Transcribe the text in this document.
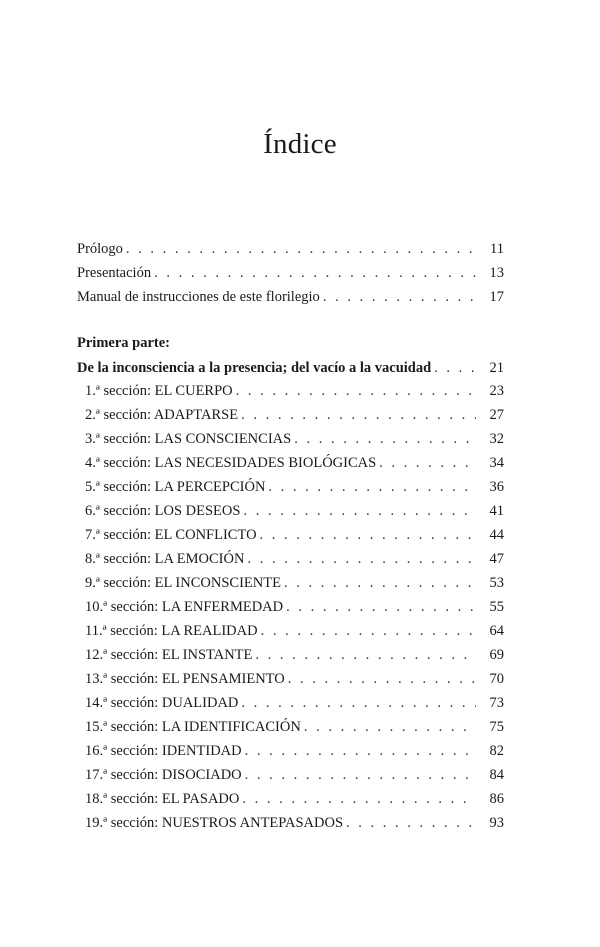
Índice
Prólogo . . .	11
Presentación . . .	13
Manual de instrucciones de este florilegio . . .	17
Primera parte:
De la inconsciencia a la presencia; del vacío a la vacuidad . . .	21
1.ª sección: EL CUERPO . . .	23
2.ª sección: ADAPTARSE . . .	27
3.ª sección: LAS CONSCIENCIAS . . .	32
4.ª sección: LAS NECESIDADES BIOLÓGICAS . . .	34
5.ª sección: LA PERCEPCIÓN . . .	36
6.ª sección: LOS DESEOS . . .	41
7.ª sección: EL CONFLICTO . . .	44
8.ª sección: LA EMOCIÓN . . .	47
9.ª sección: EL INCONSCIENTE . . .	53
10.ª sección: LA ENFERMEDAD . . .	55
11.ª sección: LA REALIDAD . . .	64
12.ª sección: EL INSTANTE . . .	69
13.ª sección: EL PENSAMIENTO . . .	70
14.ª sección: DUALIDAD . . .	73
15.ª sección: LA IDENTIFICACIÓN . . .	75
16.ª sección: IDENTIDAD . . .	82
17.ª sección: DISOCIADO . . .	84
18.ª sección: EL PASADO . . .	86
19.ª sección: NUESTROS ANTEPASADOS . . .	93
